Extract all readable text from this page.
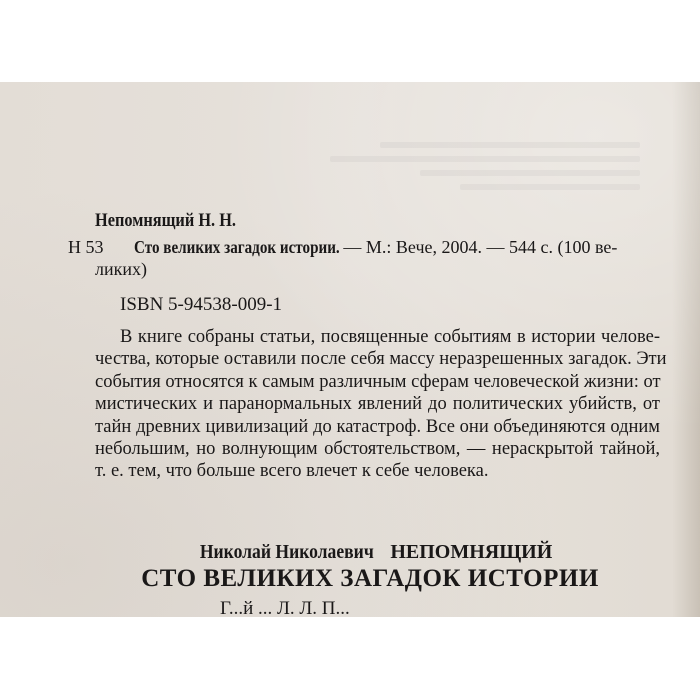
Непомнящий Н. Н.
Н 53 Сто великих загадок истории. — М.: Вече, 2004. — 544 с. (100 ве-
ликих)
ISBN 5-94538-009-1
В книге собраны статьи, посвященные событиям в истории челове-
чества, которые оставили после себя массу неразрешенных загадок. Эти
события относятся к самым различным сферам человеческой жизни: от
мистических и паранормальных явлений до политических убийств, от
тайн древних цивилизаций до катастроф. Все они объединяются одним
небольшим, но волнующим обстоятельством, — нераскрытой тайной,
т. е. тем, что больше всего влечет к себе человека.
Николай Николаевич НЕПОМНЯЩИЙ
СТО ВЕЛИКИХ ЗАГАДОК ИСТОРИИ
Г...й ... Л. Л. П...
